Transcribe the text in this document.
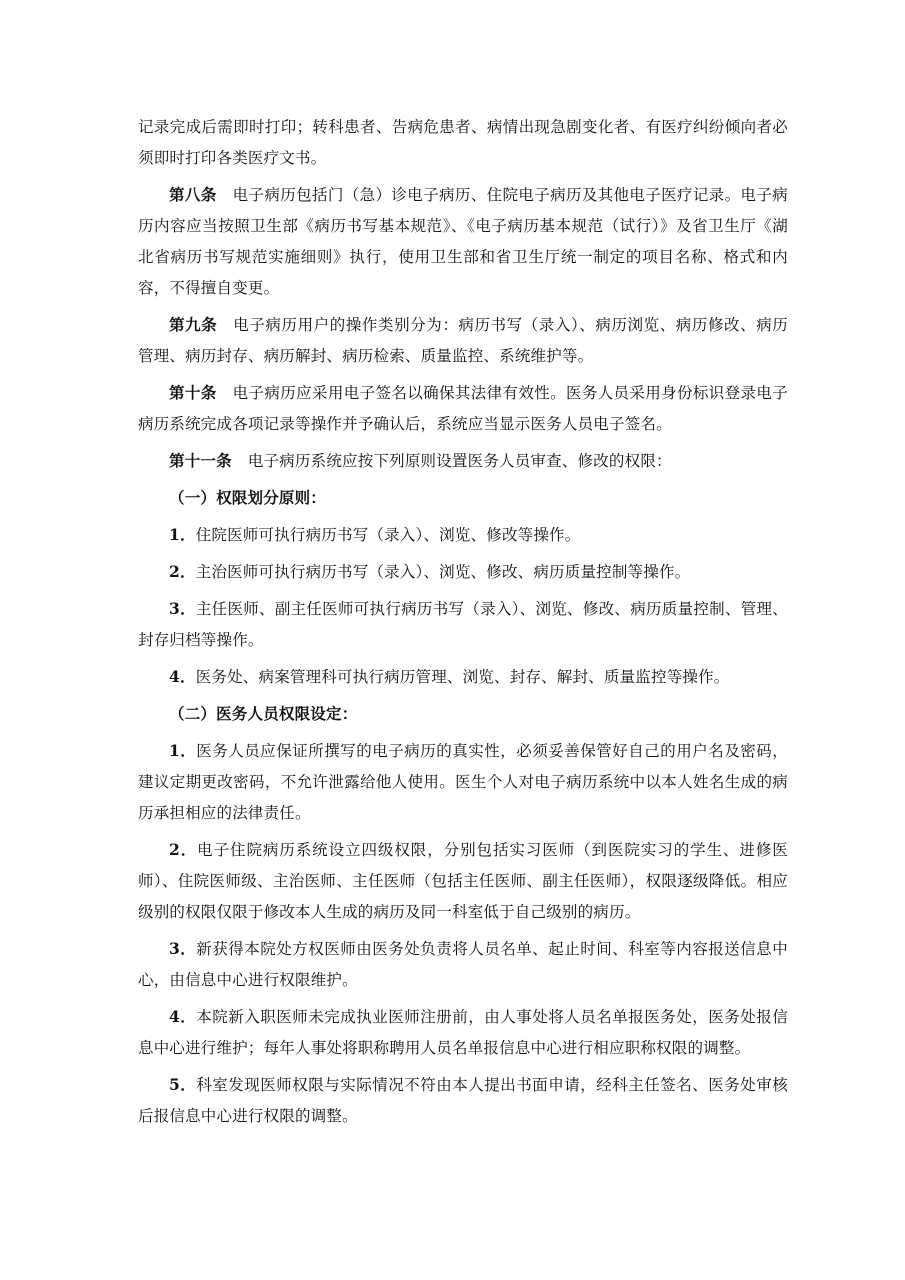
记录完成后需即时打印；转科患者、告病危患者、病情出现急剧变化者、有医疗纠纷倾向者必须即时打印各类医疗文书。

第八条 电子病历包括门（急）诊电子病历、住院电子病历及其他电子医疗记录。电子病历内容应当按照卫生部《病历书写基本规范》、《电子病历基本规范（试行）》及省卫生厅《湖北省病历书写规范实施细则》执行，使用卫生部和省卫生厅统一制定的项目名称、格式和内容，不得擅自变更。

第九条 电子病历用户的操作类别分为：病历书写（录入）、病历浏览、病历修改、病历管理、病历封存、病历解封、病历检索、质量监控、系统维护等。

第十条 电子病历应采用电子签名以确保其法律有效性。医务人员采用身份标识登录电子病历系统完成各项记录等操作并予确认后，系统应当显示医务人员电子签名。

第十一条 电子病历系统应按下列原则设置医务人员审查、修改的权限：

（一）权限划分原则：

1．住院医师可执行病历书写（录入）、浏览、修改等操作。

2．主治医师可执行病历书写（录入）、浏览、修改、病历质量控制等操作。

3．主任医师、副主任医师可执行病历书写（录入）、浏览、修改、病历质量控制、管理、封存归档等操作。

4．医务处、病案管理科可执行病历管理、浏览、封存、解封、质量监控等操作。

（二）医务人员权限设定：

1．医务人员应保证所撰写的电子病历的真实性，必须妥善保管好自己的用户名及密码，建议定期更改密码，不允许泄露给他人使用。医生个人对电子病历系统中以本人姓名生成的病历承担相应的法律责任。

2．电子住院病历系统设立四级权限，分别包括实习医师（到医院实习的学生、进修医师）、住院医师级、主治医师、主任医师（包括主任医师、副主任医师），权限逐级降低。相应级别的权限仅限于修改本人生成的病历及同一科室低于自己级别的病历。

3．新获得本院处方权医师由医务处负责将人员名单、起止时间、科室等内容报送信息中心，由信息中心进行权限维护。

4．本院新入职医师未完成执业医师注册前，由人事处将人员名单报医务处，医务处报信息中心进行维护；每年人事处将职称聘用人员名单报信息中心进行相应职称权限的调整。

5．科室发现医师权限与实际情况不符由本人提出书面申请，经科主任签名、医务处审核后报信息中心进行权限的调整。
